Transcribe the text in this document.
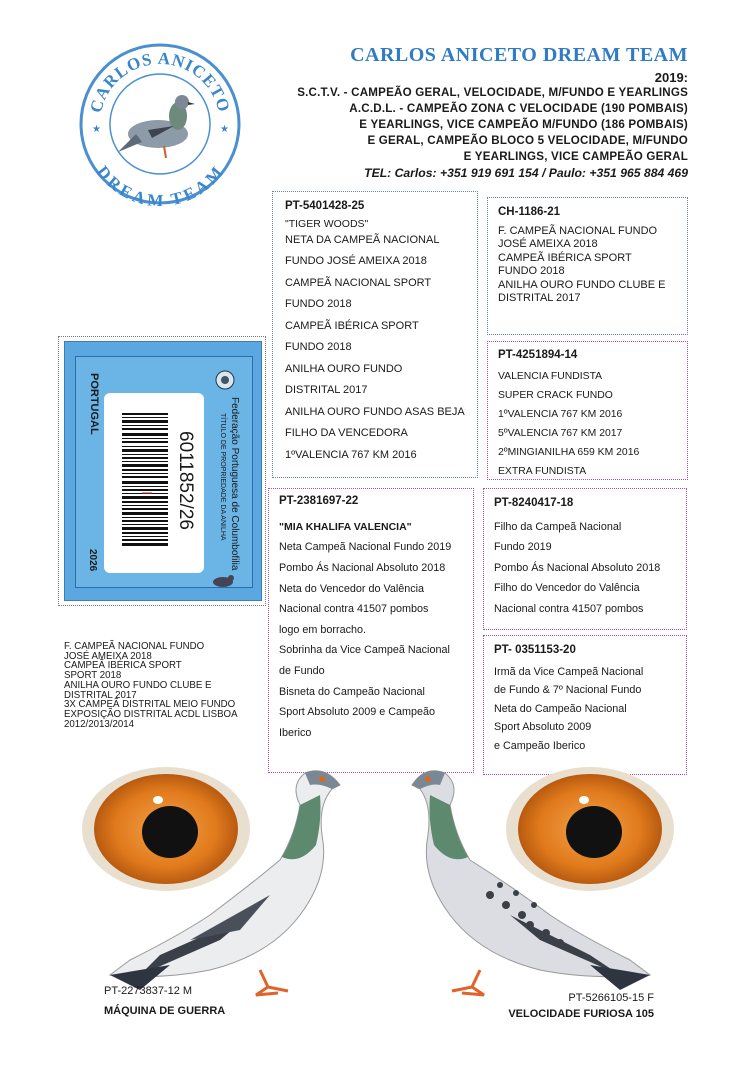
CARLOS ANICETO
DREAM TEAM
★	★
CARLOS ANICETO DREAM TEAM
2019:
S.C.T.V. - CAMPEÃO GERAL, VELOCIDADE, M/FUNDO E YEARLINGS
A.C.D.L. - CAMPEÃO ZONA C VELOCIDADE (190 POMBAIS)
E YEARLINGS, VICE CAMPEÃO M/FUNDO (186 POMBAIS)
E GERAL, CAMPEÃO BLOCO 5 VELOCIDADE, M/FUNDO
E YEARLINGS, VICE CAMPEÃO GERAL
TEL: Carlos: +351 919 691 154 / Paulo: +351 965 884 469
PT-5401428-25
"TIGER WOODS"
NETA DA CAMPEÃ NACIONAL
FUNDO JOSÉ AMEIXA 2018
CAMPEÃ NACIONAL SPORT
FUNDO 2018
CAMPEÃ IBÉRICA SPORT
FUNDO 2018
ANILHA OURO FUNDO
DISTRITAL 2017
ANILHA OURO FUNDO ASAS BEJA
FILHO DA VENCEDORA
1ºVALENCIA 767 KM 2016
CH-1186-21
F. CAMPEÃ NACIONAL FUNDO
JOSÉ AMEIXA 2018
CAMPEÃ IBÉRICA SPORT
FUNDO 2018
ANILHA OURO FUNDO CLUBE E
DISTRITAL 2017
PT-4251894-14
VALENCIA FUNDISTA
SUPER CRACK FUNDO
1ºVALENCIA 767 KM 2016
5ºVALENCIA 767 KM 2017
2ºMINGIANILHA 659 KM 2016
EXTRA FUNDISTA
PT-2381697-22
"MIA KHALIFA VALENCIA"
Neta Campeã Nacional Fundo 2019
Pombo Ás Nacional Absoluto 2018
Neta do Vencedor do Valência
Nacional contra 41507 pombos
logo em borracho.
Sobrinha da Vice Campeã Nacional
de Fundo
Bisneta do Campeão Nacional
Sport Absoluto 2009 e Campeão
Iberico
PT-8240417-18
Filho da Campeã Nacional
Fundo 2019
Pombo Ás Nacional Absoluto 2018
Filho do Vencedor do Valência
Nacional contra 41507 pombos
PT- 0351153-20
Irmã da Vice Campeã Nacional
de Fundo & 7º Nacional Fundo
Neta do Campeão Nacional
Sport Absoluto 2009
e Campeão Iberico
6011852/26
PORTUGAL
2026	Federação Portuguesa de Columbofilia
TÍTULO DE PROPRIEDADE DA ANILHA
F. CAMPEÃ NACIONAL FUNDO
JOSÉ AMEIXA 2018
CAMPEÃ IBÉRICA SPORT
SPORT 2018
ANILHA OURO FUNDO CLUBE E
DISTRITAL 2017
3X CAMPEÃ DISTRITAL MEIO FUNDO
EXPOSIÇÃO DISTRITAL ACDL LISBOA
2012/2013/2014
PT-2273837-12 M
MÁQUINA DE GUERRA
PT-5266105-15 F
VELOCIDADE FURIOSA 105
